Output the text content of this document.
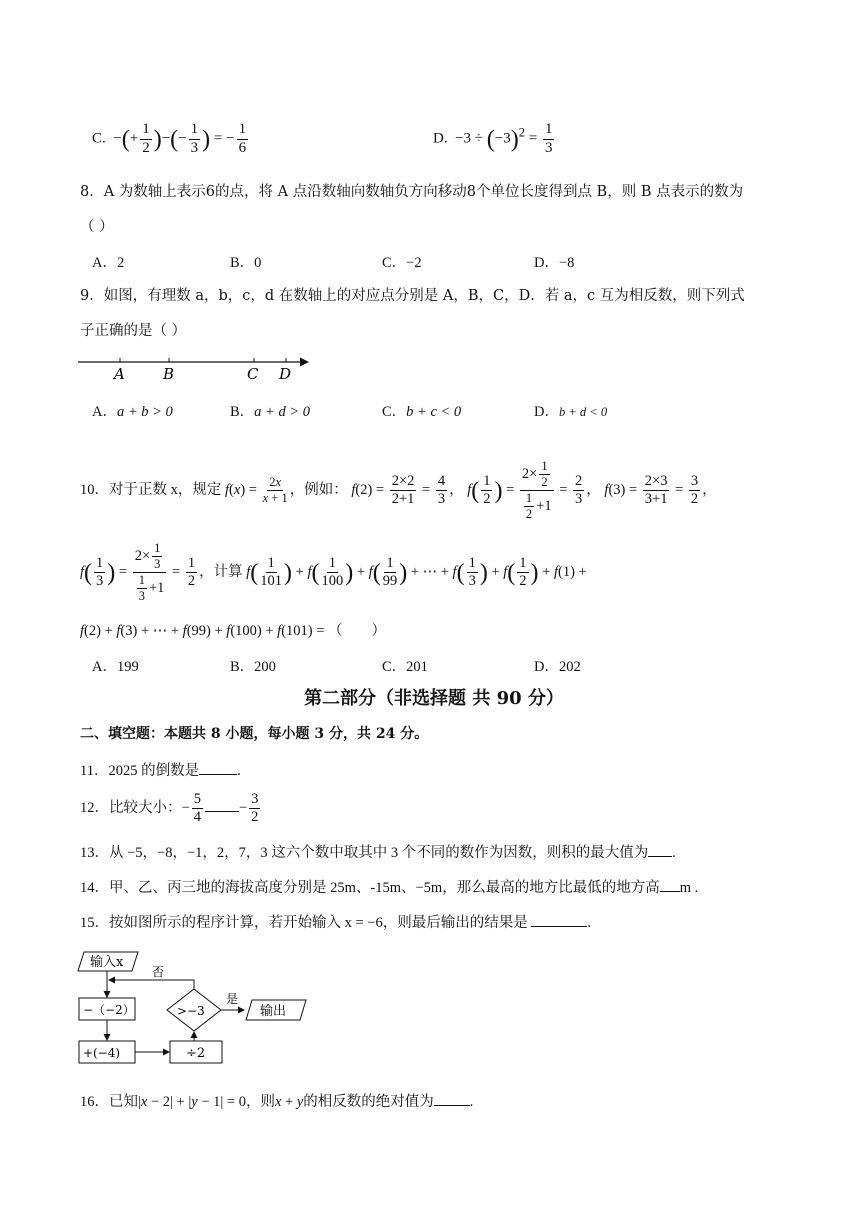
C.  −(+ $\frac{1}{2}$ )−(− $\frac{1}{3}$ ) = − $\frac{1}{6}$	D.  $-3 \div (-3)^2 = \frac{1}{3}$
8．A 为数轴上表示6的点，将 A 点沿数轴向数轴负方向移动8个单位长度得到点 B，则 B 点表示的数为
（ ）
A．2	B．0	C．−2	D．−8
9．如图，有理数 a，b，c，d 在数轴上的对应点分别是 A，B，C，D．若 a，c 互为相反数，则下列式
子正确的是（ ）
A	B	C D
A．a + b > 0	B．a + d > 0	C．b + c < 0	D．b + d < 0
10．对于正数 x，规定 $f(x) = \frac{2x}{x + 1}$ ，例如： $f(2) = \frac{2\times 2}{2+1} = \frac{4}{3}$ ， $f( \frac{1}{2}$ ) = $\frac{2\times \frac{1}{2}}{\frac{1}{2} +1} = \frac{2}{3}$ ， $f(3) = \frac{2\times 3}{3+1} = \frac{3}{2}$ ，
$f( \frac{1}{3}$ ) = $\frac{2\times \frac{1}{3}}{\frac{1}{3} +1} = \frac{1}{2}$ ，计算 $f( \frac{1}{101}$ ) + $f( \frac{1}{100}$ ) + $f( \frac{1}{99}$ ) + ⋯ + $f( \frac{1}{3}$ ) + $f( \frac{1}{2}$ ) + f(1) +
f(2) + f(3) + ⋯ + f(99) + f(100) + f(101) = （　　）
A．199	B．200	C．201	D．202
第二部分（非选择题 共 90 分）
二、填空题：本题共 8 小题，每小题 3 分，共 24 分。
11．2025 的倒数是	.
12．比较大小：− $\frac{5}{4} - \frac{3}{2}$
13．从 −5，−8，−1，2，7，3 这六个数中取其中 3 个不同的数作为因数，则积的最大值为 .
14．甲、乙、丙三地的海拔高度分别是 25m、‑15m、−5m，那么最高的地方比最低的地方高 m .
15．按如图所示的程序计算，若开始输入 x = −6，则最后输出的结果是	.
输入x
否
−（−2）	>−3
是
输出
+(−4)	÷2
16．已知|x − 2| + |y − 1| = 0，则x + y的相反数的绝对值为 .
